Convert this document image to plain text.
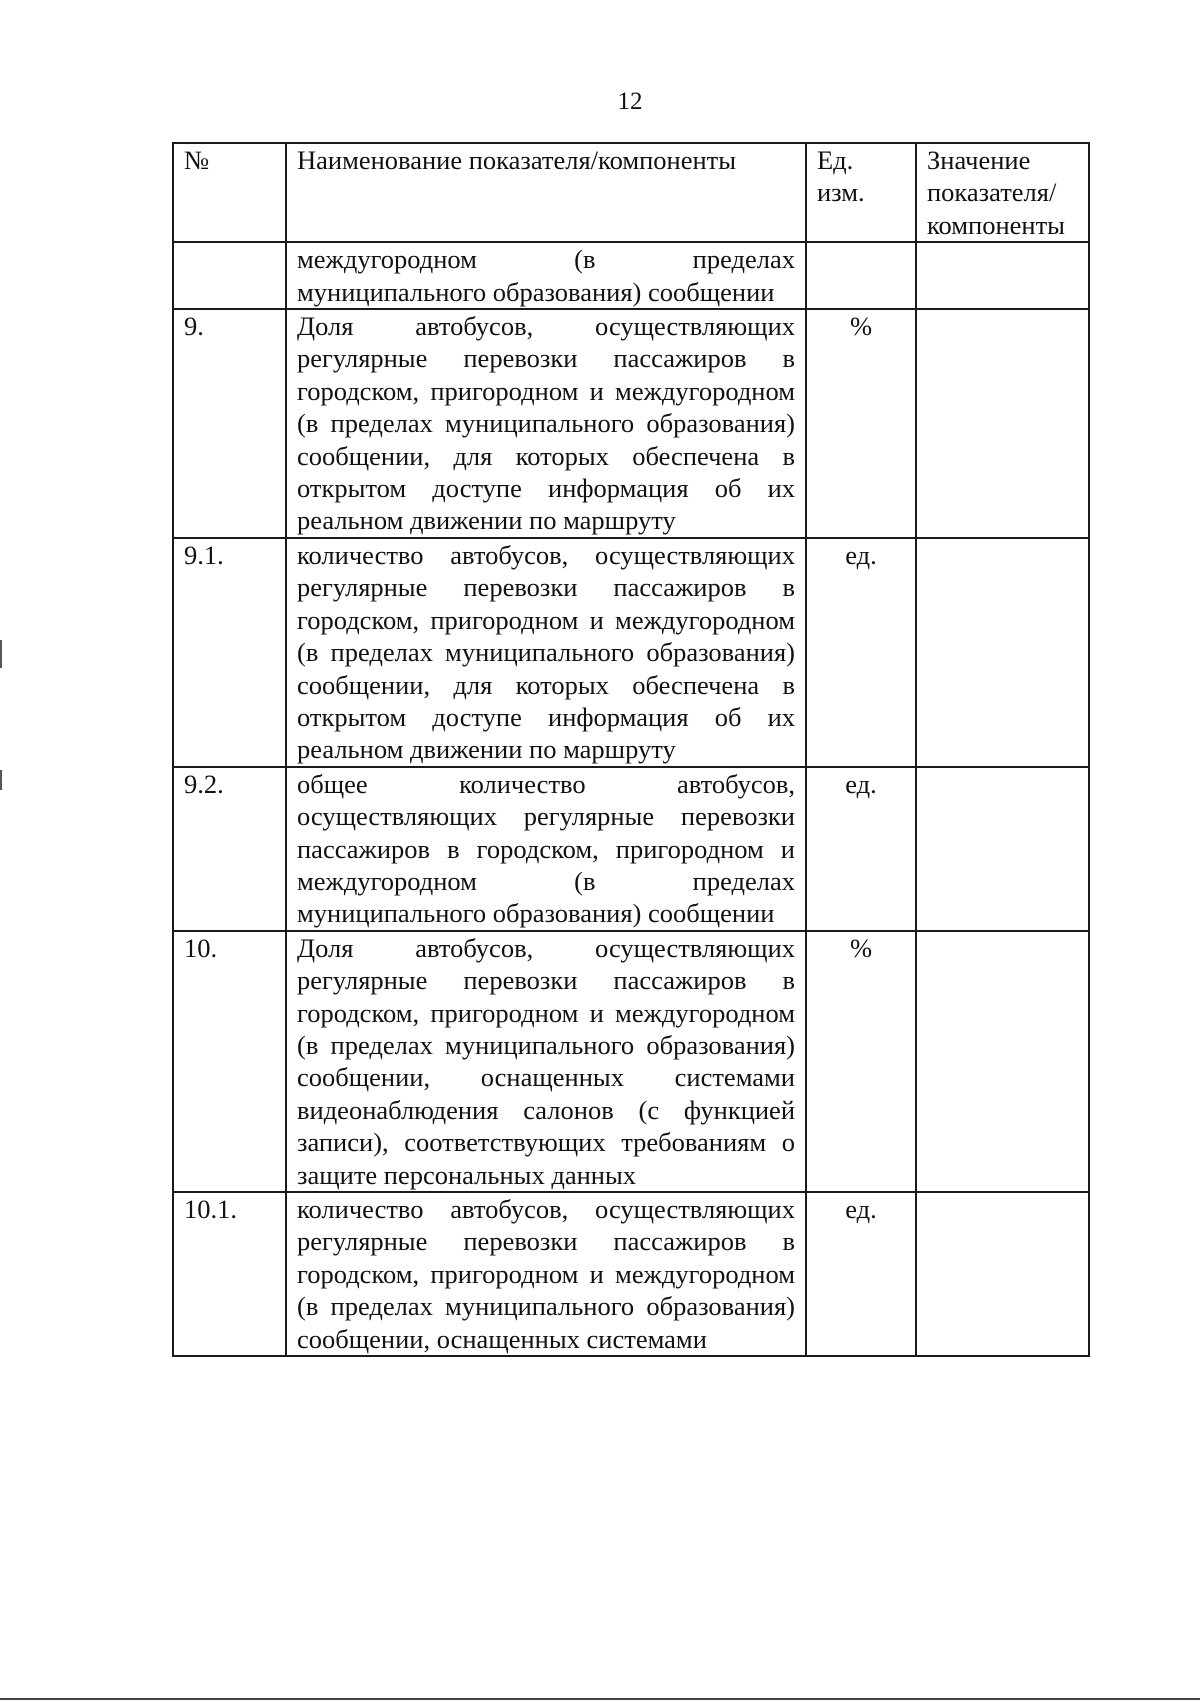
12
№	Наименование показателя/компоненты	Ед. изм.	Значение показателя/ компоненты
	междугородном (в пределах муниципального образования) сообщении		
9.	Доля автобусов, осуществляющих регулярные перевозки пассажиров в городском, пригородном и междугородном (в пределах муниципального образования) сообщении, для которых обеспечена в открытом доступе информация об их реальном движении по маршруту	%	
9.1.	количество автобусов, осуществляющих регулярные перевозки пассажиров в городском, пригородном и междугородном (в пределах муниципального образования) сообщении, для которых обеспечена в открытом доступе информация об их реальном движении по маршруту	ед.	
9.2.	общее количество автобусов, осуществляющих регулярные перевозки пассажиров в городском, пригородном и междугородном (в пределах муниципального образования) сообщении	ед.	
10.	Доля автобусов, осуществляющих регулярные перевозки пассажиров в городском, пригородном и междугородном (в пределах муниципального образования) сообщении, оснащенных системами видеонаблюдения салонов (с функцией записи), соответствующих требованиям о защите персональных данных	%	
10.1.	количество автобусов, осуществляющих регулярные перевозки пассажиров в городском, пригородном и междугородном (в пределах муниципального образования) сообщении, оснащенных системами	ед.	
